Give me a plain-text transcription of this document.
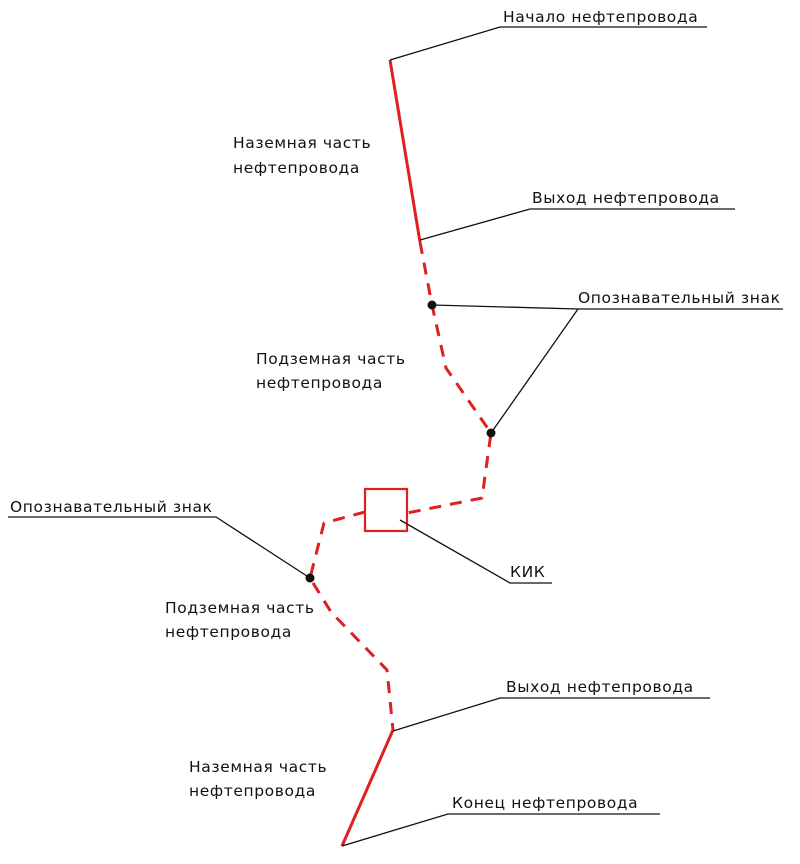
Начало нефтепровода
Наземная часть
нефтепровода
Выход нефтепровода
Опознавательный знак
Подземная часть
нефтепровода
Опознавательный знак
КИК
Подземная часть
нефтепровода
Выход нефтепровода
Наземная часть
нефтепровода
Конец нефтепровода
